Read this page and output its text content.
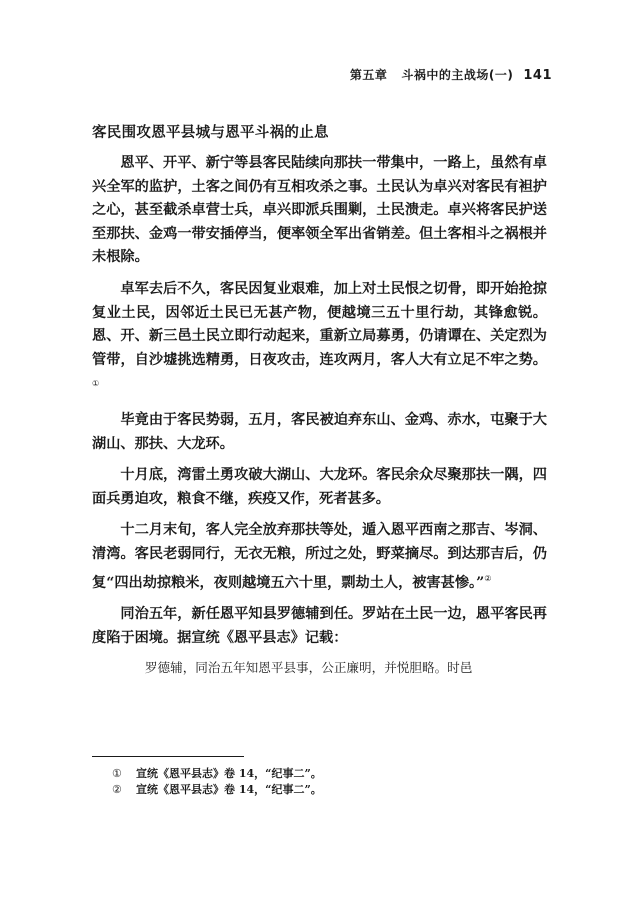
第五章 斗祸中的主战场(一) 141
客民围攻恩平县城与恩平斗祸的止息

恩平、开平、新宁等县客民陆续向那扶一带集中，一路上，虽然有卓兴全军的监护，土客之间仍有互相攻杀之事。土民认为卓兴对客民有袒护之心，甚至截杀卓营士兵，卓兴即派兵围剿，土民溃走。卓兴将客民护送至那扶、金鸡一带安插停当，便率领全军出省销差。但土客相斗之祸根并未根除。

卓军去后不久，客民因复业艰难，加上对土民恨之切骨，即开始抢掠复业土民，因邻近土民已无甚产物，便越境三五十里行劫，其锋愈锐。恩、开、新三邑土民立即行动起来，重新立局募勇，仍请谭在、关定烈为管带，自沙墟挑选精勇，日夜攻击，连攻两月，客人大有立足不牢之势。①

毕竟由于客民势弱，五月，客民被迫弃东山、金鸡、赤水，屯聚于大湖山、那扶、大龙环。

十月底，湾雷土勇攻破大湖山、大龙环。客民余众尽聚那扶一隅，四面兵勇迫攻，粮食不继，疾疫又作，死者甚多。

十二月末旬，客人完全放弃那扶等处，遁入恩平西南之那吉、岑洞、清湾。客民老弱同行，无衣无粮，所过之处，野菜摘尽。到达那吉后，仍复“四出劫掠粮米，夜则越境五六十里，剽劫土人，被害甚惨。”②

同治五年，新任恩平知县罗德辅到任。罗站在土民一边，恩平客民再度陷于困境。据宣统《恩平县志》记载：

罗德辅，同治五年知恩平县事，公正廉明，并悦胆略。时邑

① 宣统《恩平县志》卷 14，“纪事二”。
② 宣统《恩平县志》卷 14，“纪事二”。
